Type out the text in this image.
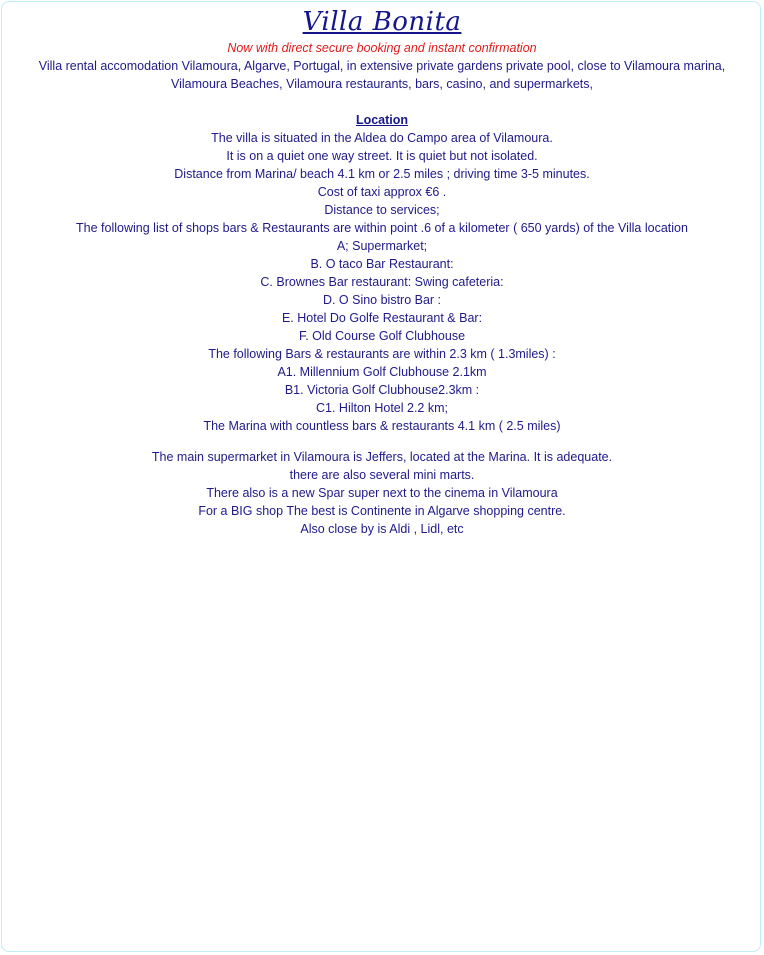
Villa Bonita
Now with direct secure booking and instant confirmation
Villa rental accomodation Vilamoura, Algarve, Portugal, in extensive private gardens private pool, close to Vilamoura marina,
Vilamoura Beaches, Vilamoura restaurants, bars, casino, and supermarkets,
Location
The villa is situated in the Aldea do Campo area of Vilamoura.
It is on a quiet one way street. It is quiet but not isolated.
Distance from Marina/ beach 4.1 km or 2.5 miles ; driving time 3-5 minutes.
Cost of taxi approx €6 .
Distance to services;
The following list of shops bars & Restaurants are within point .6 of a kilometer ( 650 yards) of the Villa location
A; Supermarket;
B. O taco Bar Restaurant:
C. Brownes Bar restaurant: Swing cafeteria:
D. O Sino bistro Bar :
E. Hotel Do Golfe Restaurant & Bar:
F. Old Course Golf Clubhouse
The following Bars & restaurants are within 2.3 km ( 1.3miles) :
A1. Millennium Golf Clubhouse 2.1km
B1. Victoria Golf Clubhouse2.3km :
C1. Hilton Hotel 2.2 km;
The Marina with countless bars & restaurants 4.1 km ( 2.5 miles)
The main supermarket in Vilamoura is Jeffers, located at the Marina. It is adequate.
there are also several mini marts.
There also is a new Spar super next to the cinema in Vilamoura
For a BIG shop The best is Continente in Algarve shopping centre.
Also close by is Aldi , Lidl, etc
